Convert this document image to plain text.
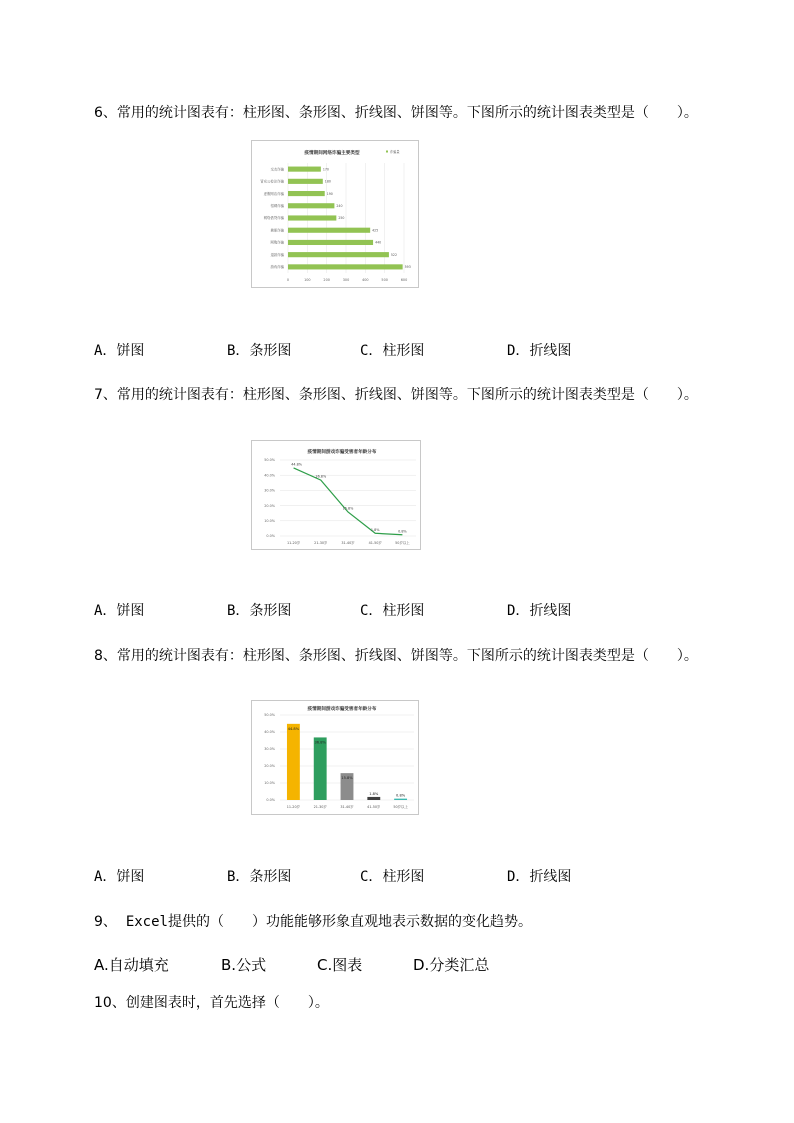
6、常用的统计图表有：柱形图、条形图、折线图、饼图等。下图所示的统计图表类型是（　　）。
疫情期间网络诈骗主要类型	诈骗量
0	100	200	300	400	500	600
交友诈骗	170
冒充公检法诈骗	180
虚假网店诈骗	190
招聘诈骗	240
网络借贷诈骗	250
兼职诈骗	425
网购诈骗	440
退款诈骗	522
游戏诈骗	593
A．饼图	B．条形图	C．柱形图	D．折线图
7、常用的统计图表有：柱形图、条形图、折线图、饼图等。下图所示的统计图表类型是（　　）。
疫情期间游戏诈骗受害者年龄分布
0.0%
10.0%
20.0%
30.0%
40.0%
50.0%
11-20岁
44.8%
21-30岁
36.8%
31-40岁
15.8%
41-50岁
1.8%
50岁以上
0.8%
A．饼图	B．条形图	C．柱形图	D．折线图
8、常用的统计图表有：柱形图、条形图、折线图、饼图等。下图所示的统计图表类型是（　　）。
疫情期间游戏诈骗受害者年龄分布
0.0%
10.0%
20.0%
30.0%
40.0%
50.0%
44.8%
11-20岁
36.8%
21-30岁
15.8%
31-40岁
1.8%
41-50岁
0.8%
50岁以上
A．饼图	B．条形图	C．柱形图	D．折线图
9、 Excel提供的（　　）功能能够形象直观地表示数据的变化趋势。
A.自动填充	B.公式	C.图表	D.分类汇总
10、创建图表时，首先选择（　　）。
